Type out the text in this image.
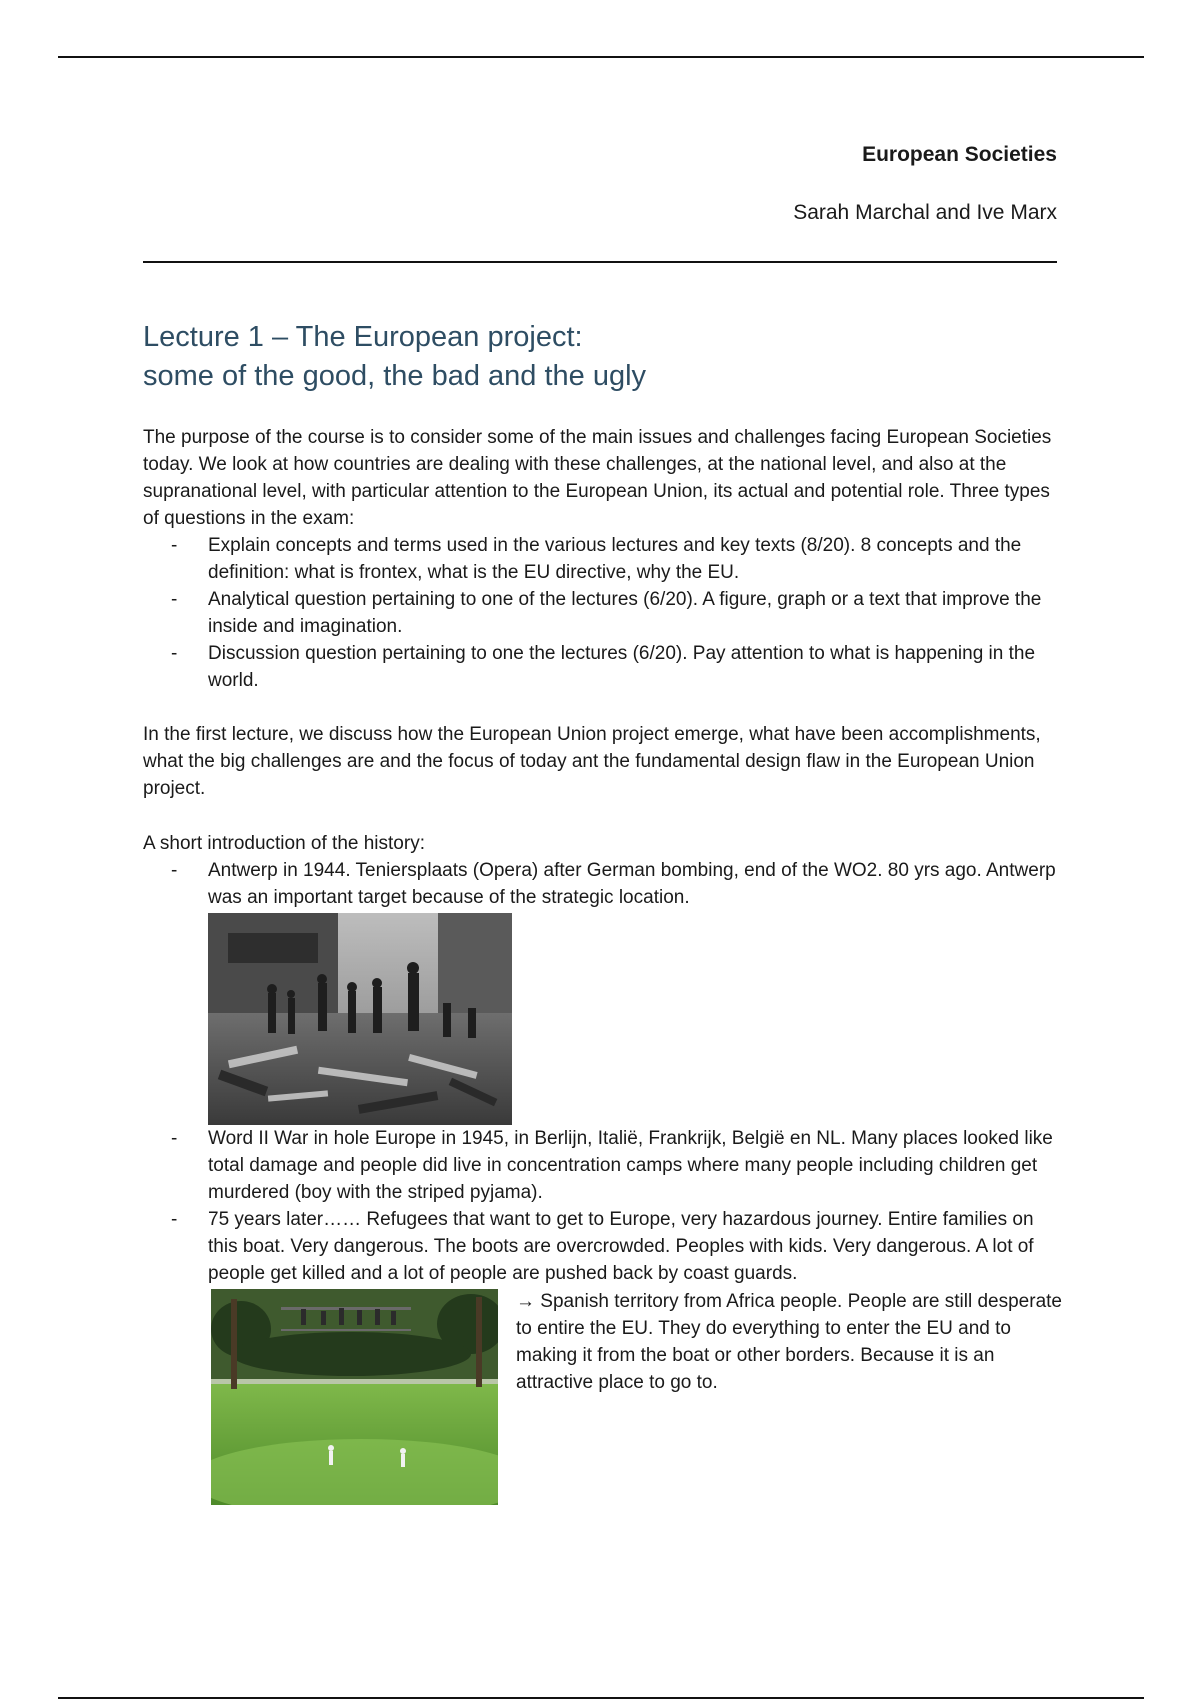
European Societies

Sarah Marchal and Ive Marx

Lecture 1 – The European project:
some of the good, the bad and the ugly

The purpose of the course is to consider some of the main issues and challenges facing European Societies today. We look at how countries are dealing with these challenges, at the national level, and also at the supranational level, with particular attention to the European Union, its actual and potential role. Three types of questions in the exam:

- Explain concepts and terms used in the various lectures and key texts (8/20). 8 concepts and the definition: what is frontex, what is the EU directive, why the EU.
- Analytical question pertaining to one of the lectures (6/20). A figure, graph or a text that improve the inside and imagination.
- Discussion question pertaining to one the lectures (6/20). Pay attention to what is happening in the world.

In the first lecture, we discuss how the European Union project emerge, what have been accomplishments, what the big challenges are and the focus of today ant the fundamental design flaw in the European Union project.

A short introduction of the history:

- Antwerp in 1944. Teniersplaats (Opera) after German bombing, end of the WO2. 80 yrs ago. Antwerp was an important target because of the strategic location.
- Word II War in hole Europe in 1945, in Berlijn, Italië, Frankrijk, België en NL. Many places looked like total damage and people did live in concentration camps where many people including children get murdered (boy with the striped pyjama).
- 75 years later…… Refugees that want to get to Europe, very hazardous journey. Entire families on this boat. Very dangerous. The boots are overcrowded. Peoples with kids. Very dangerous. A lot of people get killed and a lot of people are pushed back by coast guards.

→ Spanish territory from Africa people. People are still desperate to entire the EU. They do everything to enter the EU and to making it from the boat or other borders. Because it is an attractive place to go to.
